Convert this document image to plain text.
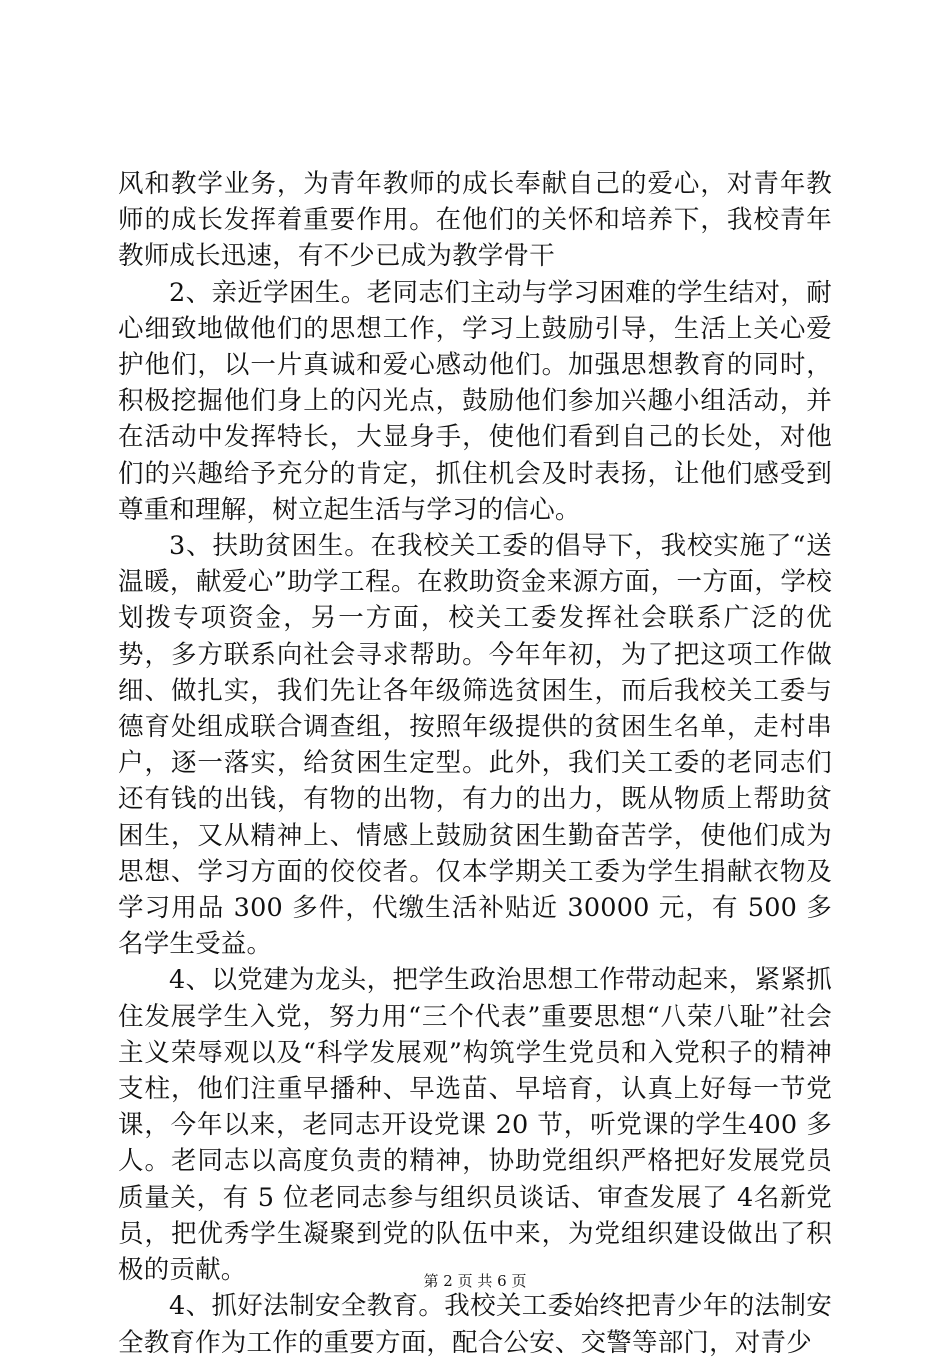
风和教学业务，为青年教师的成长奉献自己的爱心，对青年教师的成长发挥着重要作用。在他们的关怀和培养下，我校青年教师成长迅速，有不少已成为教学骨干

2、亲近学困生。老同志们主动与学习困难的学生结对，耐心细致地做他们的思想工作，学习上鼓励引导，生活上关心爱护他们，以一片真诚和爱心感动他们。加强思想教育的同时，积极挖掘他们身上的闪光点，鼓励他们参加兴趣小组活动，并在活动中发挥特长，大显身手，使他们看到自己的长处，对他们的兴趣给予充分的肯定，抓住机会及时表扬，让他们感受到尊重和理解，树立起生活与学习的信心。

3、扶助贫困生。在我校关工委的倡导下，我校实施了“送温暖，献爱心”助学工程。在救助资金来源方面，一方面，学校划拨专项资金，另一方面，校关工委发挥社会联系广泛的优势，多方联系向社会寻求帮助。今年年初，为了把这项工作做细、做扎实，我们先让各年级筛选贫困生，而后我校关工委与德育处组成联合调查组，按照年级提供的贫困生名单，走村串户，逐一落实，给贫困生定型。此外，我们关工委的老同志们还有钱的出钱，有物的出物，有力的出力，既从物质上帮助贫困生，又从精神上、情感上鼓励贫困生勤奋苦学，使他们成为思想、学习方面的佼佼者。仅本学期关工委为学生捐献衣物及学习用品 300 多件，代缴生活补贴近 30000 元，有 500 多名学生受益。

4、以党建为龙头，把学生政治思想工作带动起来，紧紧抓住发展学生入党，努力用“三个代表”重要思想“八荣八耻”社会主义荣辱观以及“科学发展观”构筑学生党员和入党积子的精神支柱，他们注重早播种、早选苗、早培育，认真上好每一节党课，今年以来，老同志开设党课 20 节，听党课的学生400 多人。老同志以高度负责的精神，协助党组织严格把好发展党员质量关，有 5 位老同志参与组织员谈话、审查发展了 4名新党员，把优秀学生凝聚到党的队伍中来，为党组织建设做出了积极的贡献。

4、抓好法制安全教育。我校关工委始终把青少年的法制安全教育作为工作的重要方面，配合公安、交警等部门，对青少

第 2 页 共 6 页
